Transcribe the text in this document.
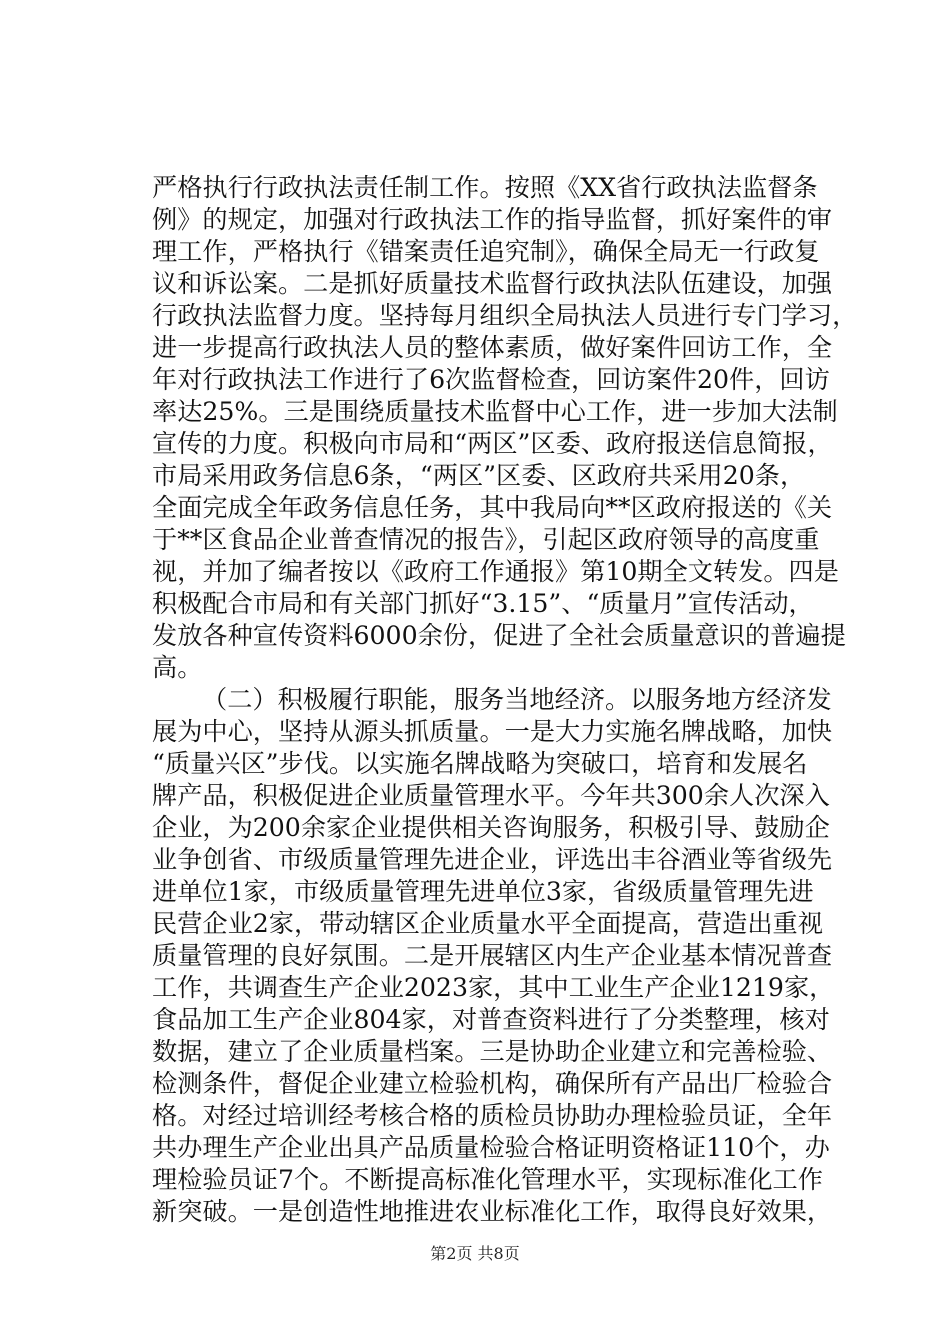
严格执行行政执法责任制工作。按照《XX省行政执法监督条
例》的规定，加强对行政执法工作的指导监督，抓好案件的审
理工作，严格执行《错案责任追究制》，确保全局无一行政复
议和诉讼案。二是抓好质量技术监督行政执法队伍建设，加强
行政执法监督力度。坚持每月组织全局执法人员进行专门学习，
进一步提高行政执法人员的整体素质，做好案件回访工作，全
年对行政执法工作进行了6次监督检查，回访案件20件，回访
率达25%。三是围绕质量技术监督中心工作，进一步加大法制
宣传的力度。积极向市局和“两区”区委、政府报送信息简报，
市局采用政务信息6条，“两区”区委、区政府共采用20条，
全面完成全年政务信息任务，其中我局向**区政府报送的《关
于**区食品企业普查情况的报告》，引起区政府领导的高度重
视，并加了编者按以《政府工作通报》第10期全文转发。四是
积极配合市局和有关部门抓好“3.15”、“质量月”宣传活动，
发放各种宣传资料6000余份，促进了全社会质量意识的普遍提
高。
（二）积极履行职能，服务当地经济。以服务地方经济发
展为中心，坚持从源头抓质量。一是大力实施名牌战略，加快
“质量兴区”步伐。以实施名牌战略为突破口，培育和发展名
牌产品，积极促进企业质量管理水平。今年共300余人次深入
企业，为200余家企业提供相关咨询服务，积极引导、鼓励企
业争创省、市级质量管理先进企业，评选出丰谷酒业等省级先
进单位1家，市级质量管理先进单位3家，省级质量管理先进
民营企业2家，带动辖区企业质量水平全面提高，营造出重视
质量管理的良好氛围。二是开展辖区内生产企业基本情况普查
工作，共调查生产企业2023家，其中工业生产企业1219家，
食品加工生产企业804家，对普查资料进行了分类整理，核对
数据，建立了企业质量档案。三是协助企业建立和完善检验、
检测条件，督促企业建立检验机构，确保所有产品出厂检验合
格。对经过培训经考核合格的质检员协助办理检验员证，全年
共办理生产企业出具产品质量检验合格证明资格证110个，办
理检验员证7个。不断提高标准化管理水平，实现标准化工作
新突破。一是创造性地推进农业标准化工作，取得良好效果，
第2页 共8页
